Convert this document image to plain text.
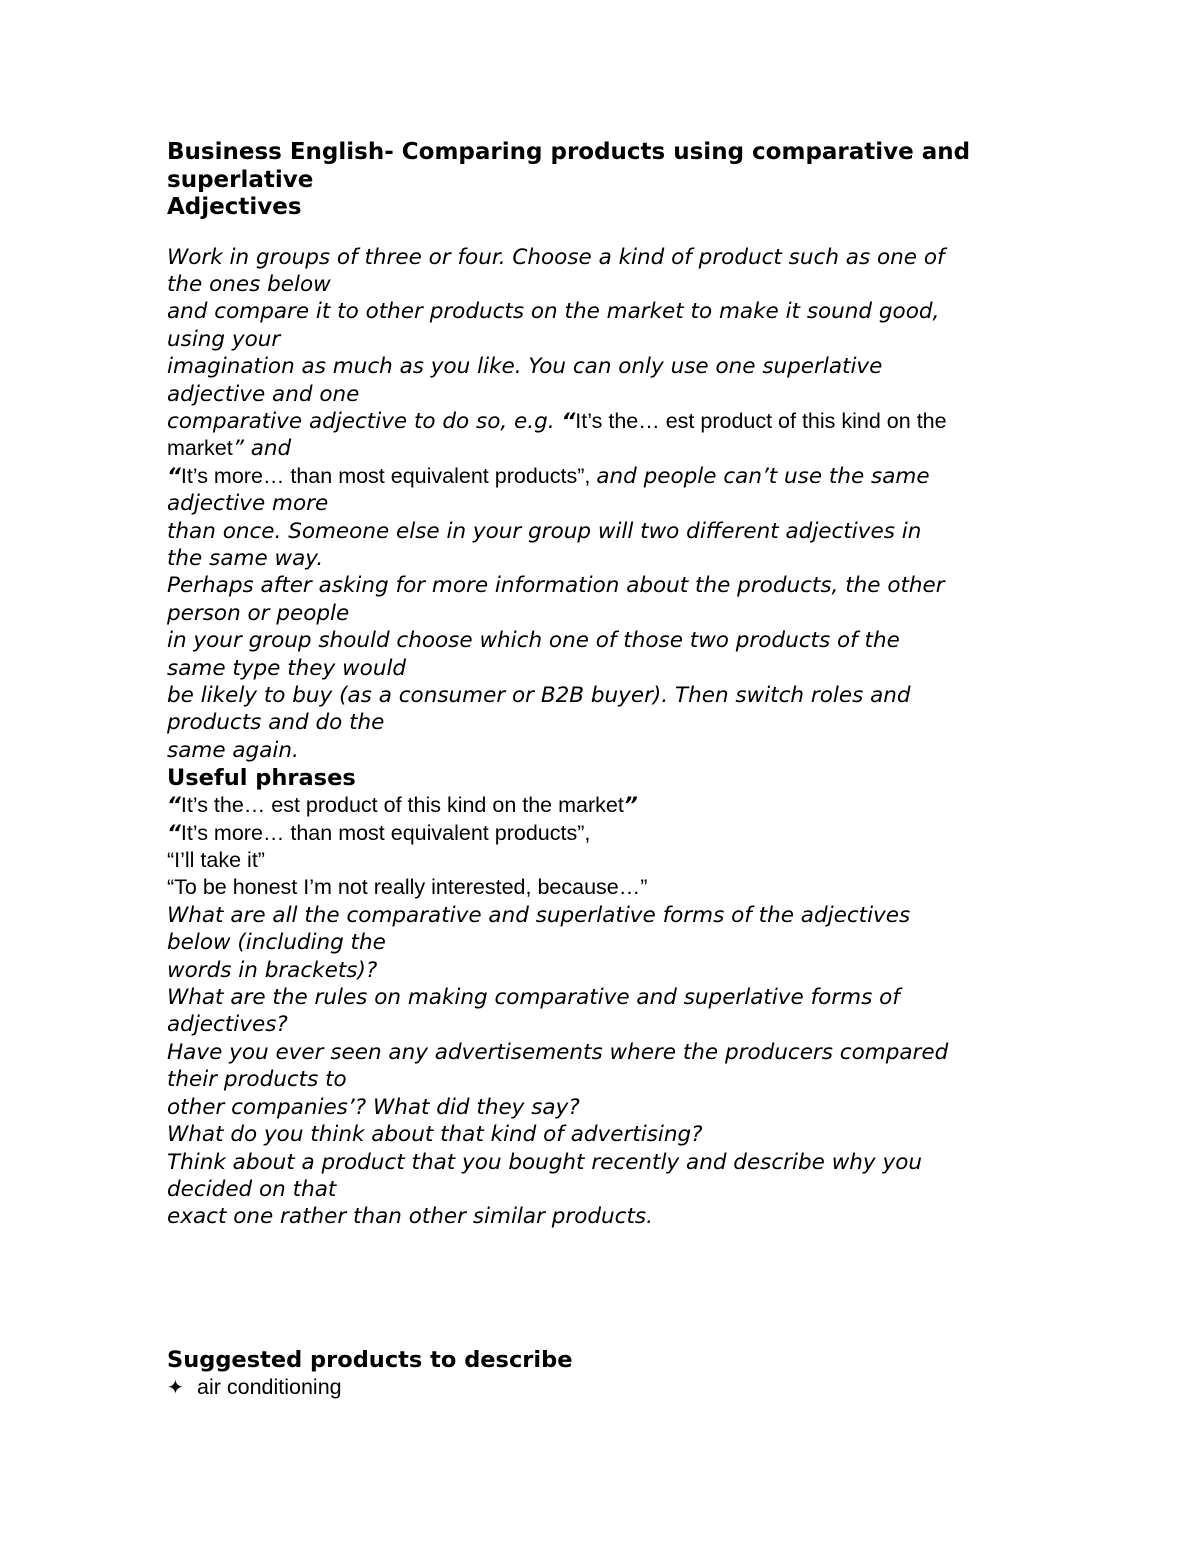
Business English- Comparing products using comparative and
superlative
Adjectives
Work in groups of three or four. Choose a kind of product such as one of
the ones below
and compare it to other products on the market to make it sound good,
using your
imagination as much as you like. You can only use one superlative
adjective and one
comparative adjective to do so, e.g. “It’s the… est product of this kind on the
market” and
“It’s more… than most equivalent products”, and people can’t use the same
adjective more
than once. Someone else in your group will two different adjectives in
the same way.
Perhaps after asking for more information about the products, the other
person or people
in your group should choose which one of those two products of the
same type they would
be likely to buy (as a consumer or B2B buyer). Then switch roles and
products and do the
same again.
Useful phrases
“It’s the… est product of this kind on the market”
“It’s more… than most equivalent products”,
“I’ll take it”
“To be honest I’m not really interested, because…”
What are all the comparative and superlative forms of the adjectives
below (including the
words in brackets)?
What are the rules on making comparative and superlative forms of
adjectives?
Have you ever seen any advertisements where the producers compared
their products to
other companies’? What did they say?
What do you think about that kind of advertising?
Think about a product that you bought recently and describe why you
decided on that
exact one rather than other similar products.
Suggested products to describe
✦ air conditioning
